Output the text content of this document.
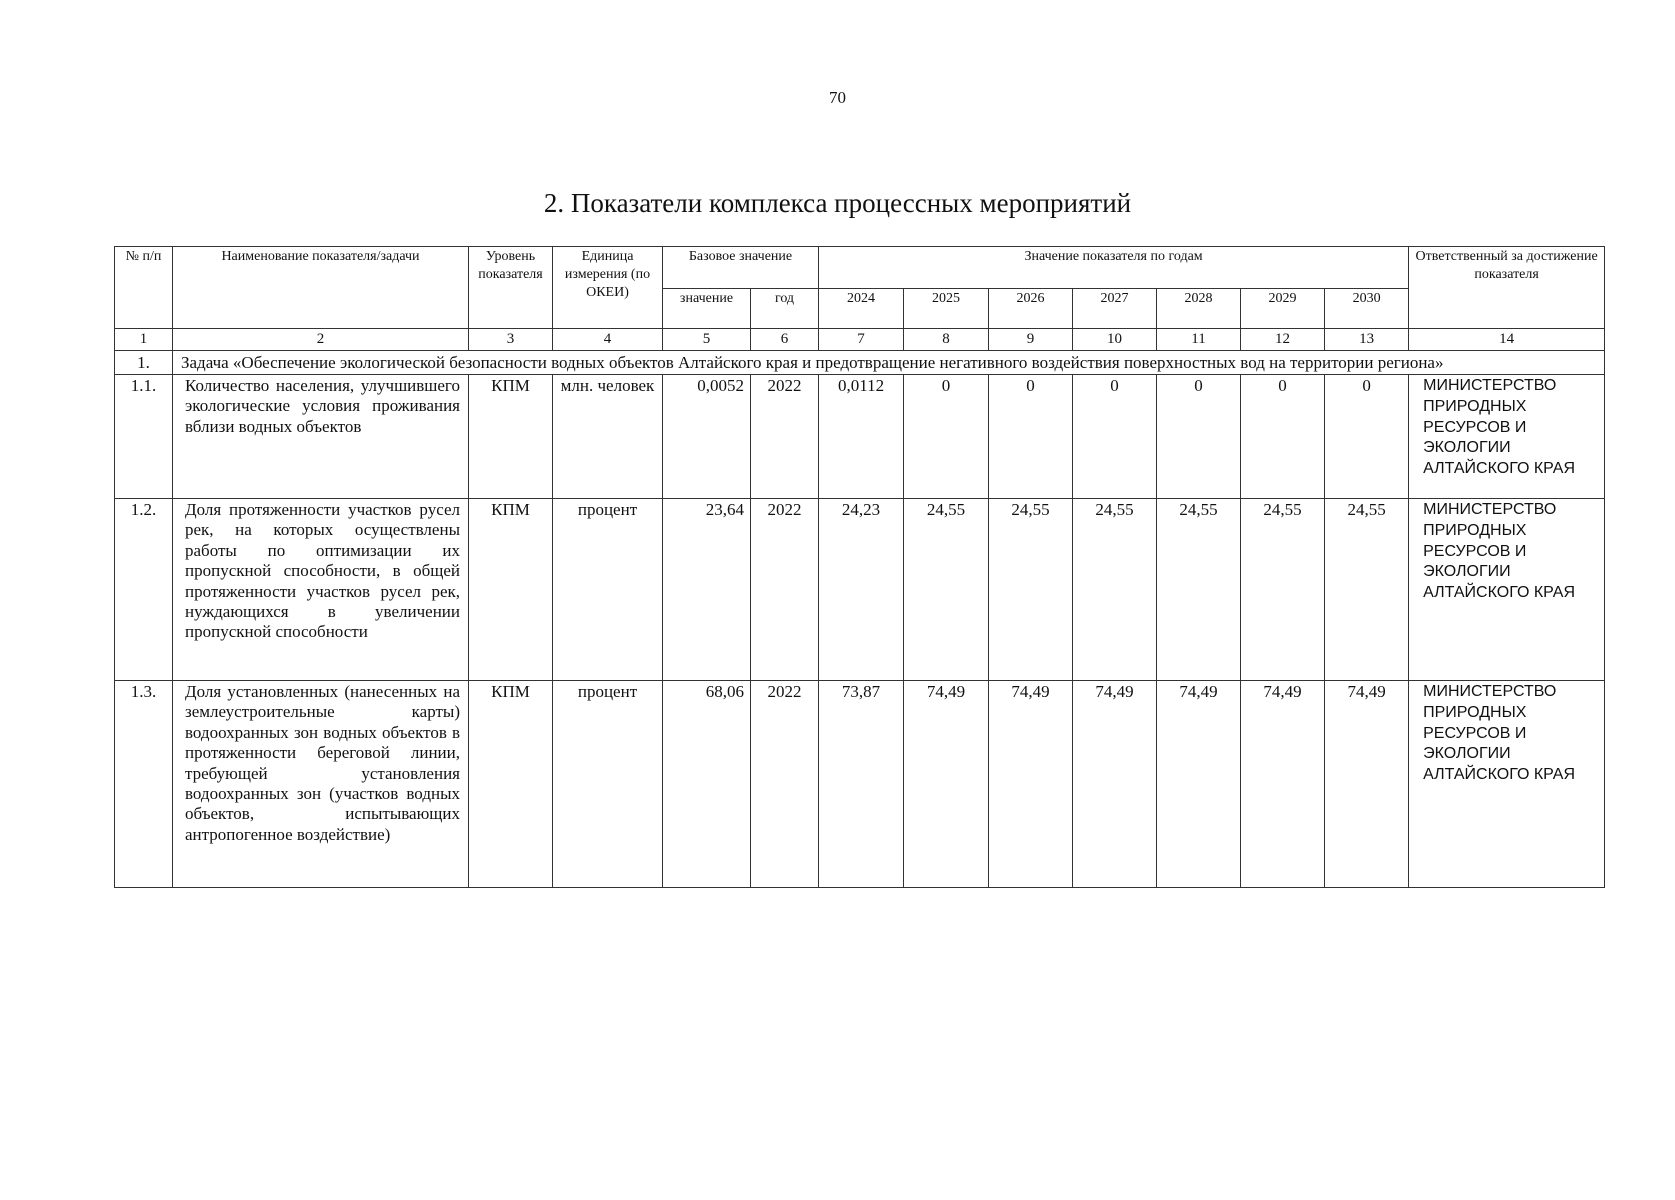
70
2. Показатели комплекса процессных мероприятий
№ п/п	Наименование показателя/задачи	Уровень показателя	Единица измерения (по ОКЕИ)	Базовое значение		Значение показателя по годам							Ответственный за достижение показателя
				значение	год	2024	2025	2026	2027	2028	2029	2030	
1	2	3	4	5	6	7	8	9	10	11	12	13	14
1.	Задача «Обеспечение экологической безопасности водных объектов Алтайского края и предотвращение негативного воздействия поверхностных вод на территории региона»												
1.1.	Количество населения, улучшившего экологические условия проживания вблизи водных объектов	КПМ	млн. человек	0,0052	2022	0,0112	0	0	0	0	0	0	МИНИСТЕРСТВО ПРИРОДНЫХ РЕСУРСОВ И ЭКОЛОГИИ АЛТАЙСКОГО КРАЯ
1.2.	Доля протяженности участков русел рек, на которых осуществлены работы по оптимизации их пропускной способности, в общей протяженности участков русел рек, нуждающихся в увеличении пропускной способности	КПМ	процент	23,64	2022	24,23	24,55	24,55	24,55	24,55	24,55	24,55	МИНИСТЕРСТВО ПРИРОДНЫХ РЕСУРСОВ И ЭКОЛОГИИ АЛТАЙСКОГО КРАЯ
1.3.	Доля установленных (нанесенных на землеустроительные карты) водоохранных зон водных объектов в протяженности береговой линии, требующей установления водоохранных зон (участков водных объектов, испытывающих антропогенное воздействие)	КПМ	процент	68,06	2022	73,87	74,49	74,49	74,49	74,49	74,49	74,49	МИНИСТЕРСТВО ПРИРОДНЫХ РЕСУРСОВ И ЭКОЛОГИИ АЛТАЙСКОГО КРАЯ
